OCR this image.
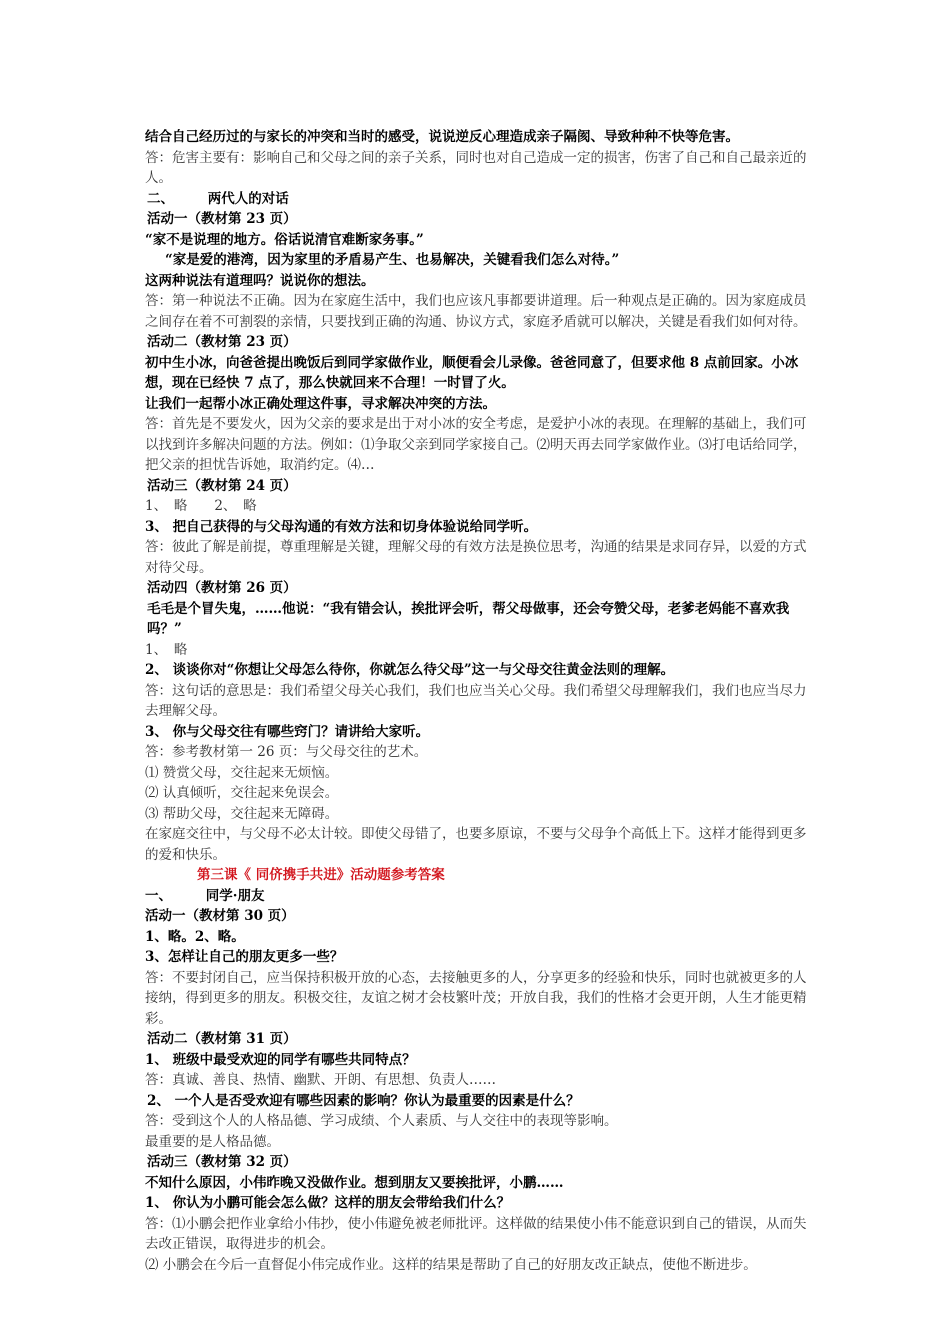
结合自己经历过的与家长的冲突和当时的感受，说说逆反心理造成亲子隔阂、导致种种不快等危害。
答：危害主要有：影响自己和父母之间的亲子关系，同时也对自己造成一定的损害，伤害了自己和自己最亲近的人。
二、　　　两代人的对话
活动一（教材第 23 页）
“家不是说理的地方。俗话说清官难断家务事。”
“家是爱的港湾，因为家里的矛盾易产生、也易解决，关键看我们怎么对待。”
这两种说法有道理吗？说说你的想法。
答：第一种说法不正确。因为在家庭生活中，我们也应该凡事都要讲道理。后一种观点是正确的。因为家庭成员之间存在着不可割裂的亲情，只要找到正确的沟通、协议方式，家庭矛盾就可以解决，关键是看我们如何对待。
活动二（教材第 23 页）
初中生小冰，向爸爸提出晚饭后到同学家做作业，顺便看会儿录像。爸爸同意了，但要求他 8 点前回家。小冰想，现在已经快 7 点了，那么快就回来不合理！一时冒了火。
让我们一起帮小冰正确处理这件事，寻求解决冲突的方法。
答：首先是不要发火，因为父亲的要求是出于对小冰的安全考虑，是爱护小冰的表现。在理解的基础上，我们可以找到许多解决问题的方法。例如：⑴争取父亲到同学家接自己。⑵明天再去同学家做作业。⑶打电话给同学，把父亲的担忧告诉她，取消约定。⑷…
活动三（教材第 24 页）
1、　略　　2、　略
3、 把自己获得的与父母沟通的有效方法和切身体验说给同学听。
答：彼此了解是前提，尊重理解是关键，理解父母的有效方法是换位思考，沟通的结果是求同存异，以爱的方式对待父母。
活动四（教材第 26 页）
毛毛是个冒失鬼，……他说：“我有错会认，挨批评会听，帮父母做事，还会夸赞父母，老爹老妈能不喜欢我吗？”
1、　略
2、 谈谈你对“你想让父母怎么待你，你就怎么待父母”这一与父母交往黄金法则的理解。
答：这句话的意思是：我们希望父母关心我们，我们也应当关心父母。我们希望父母理解我们，我们也应当尽力去理解父母。
3、 你与父母交往有哪些窍门？请讲给大家听。
答：参考教材第一 26 页：与父母交往的艺术。
⑴ 赞赏父母，交往起来无烦恼。
⑵ 认真倾听，交往起来免误会。
⑶ 帮助父母，交往起来无障碍。
在家庭交往中，与父母不必太计较。即使父母错了，也要多原谅，不要与父母争个高低上下。这样才能得到更多的爱和快乐。
第三课《 同侪携手共进》活动题参考答案
一、　　　同学·朋友
活动一（教材第 30 页）
1、略。2、略。
3、怎样让自己的朋友更多一些？
答：不要封闭自己，应当保持积极开放的心态，去接触更多的人，分享更多的经验和快乐，同时也就被更多的人接纳，得到更多的朋友。积极交往，友谊之树才会枝繁叶茂；开放自我，我们的性格才会更开朗，人生才能更精彩。
活动二（教材第 31 页）
1、 班级中最受欢迎的同学有哪些共同特点？
答：真诚、善良、热情、幽默、开朗、有思想、负责人……
2、 一个人是否受欢迎有哪些因素的影响？你认为最重要的因素是什么？
答：受到这个人的人格品德、学习成绩、个人素质、与人交往中的表现等影响。
最重要的是人格品德。
活动三（教材第 32 页）
不知什么原因，小伟昨晚又没做作业。想到朋友又要挨批评，小鹏……
1、 你认为小鹏可能会怎么做？这样的朋友会带给我们什么？
答：⑴小鹏会把作业拿给小伟抄，使小伟避免被老师批评。这样做的结果使小伟不能意识到自己的错误，从而失去改正错误，取得进步的机会。
⑵ 小鹏会在今后一直督促小伟完成作业。这样的结果是帮助了自己的好朋友改正缺点，使他不断进步。
